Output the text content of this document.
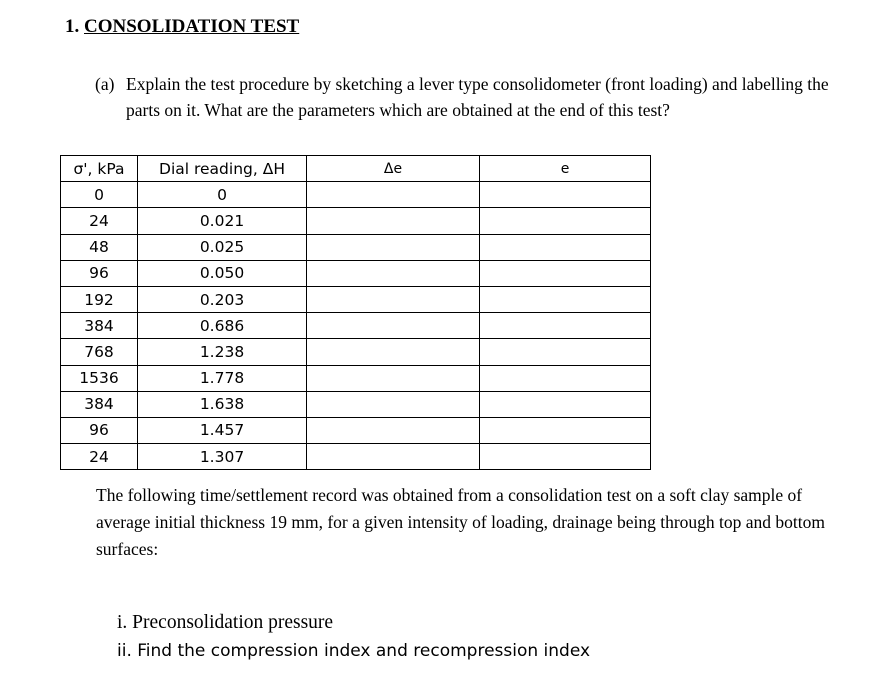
1. CONSOLIDATION TEST
(a) Explain the test procedure by sketching a lever type consolidometer (front loading) and labelling the parts on it. What are the parameters which are obtained at the end of this test?
σ', kPa	Dial reading, ΔH	Δe	e
0	0		
24	0.021		
48	0.025		
96	0.050		
192	0.203		
384	0.686		
768	1.238		
1536	1.778		
384	1.638		
96	1.457		
24	1.307		
The following time/settlement record was obtained from a consolidation test on a soft clay sample of average initial thickness 19 mm, for a given intensity of loading, drainage being through top and bottom surfaces:
i. Preconsolidation pressure
ii. Find the compression index and recompression index
